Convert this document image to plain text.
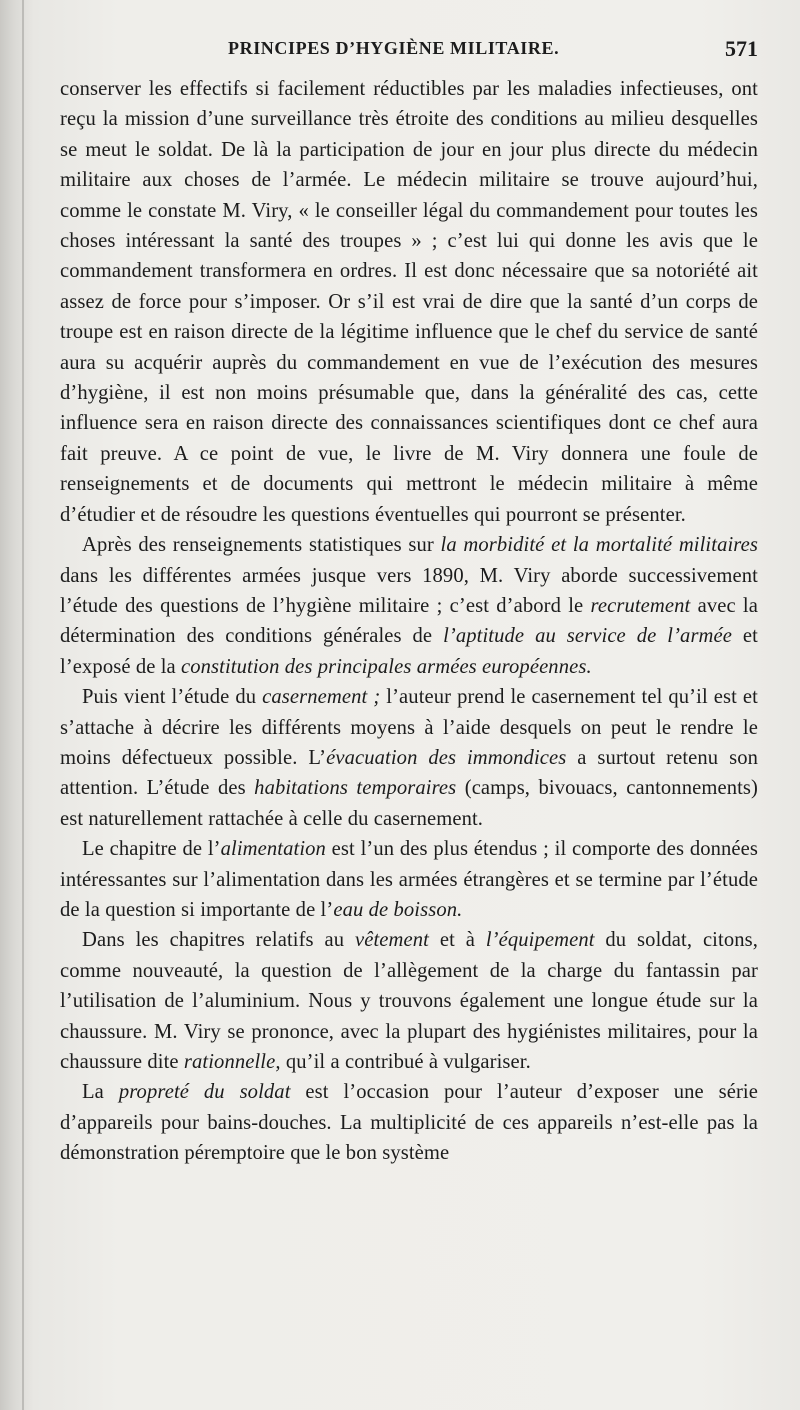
PRINCIPES D’HYGIÈNE MILITAIRE.	571

conserver les effectifs si facilement réductibles par les maladies infectieuses, ont reçu la mission d’une surveillance très étroite des conditions au milieu desquelles se meut le soldat. De là la participation de jour en jour plus directe du médecin militaire aux choses de l’armée. Le médecin militaire se trouve aujourd’hui, comme le constate M. Viry, « le conseiller légal du commandement pour toutes les choses intéressant la santé des troupes » ; c’est lui qui donne les avis que le commandement transformera en ordres. Il est donc nécessaire que sa notoriété ait assez de force pour s’imposer. Or s’il est vrai de dire que la santé d’un corps de troupe est en raison directe de la légitime influence que le chef du service de santé aura su acquérir auprès du commandement en vue de l’exécution des mesures d’hygiène, il est non moins présumable que, dans la généralité des cas, cette influence sera en raison directe des connaissances scientifiques dont ce chef aura fait preuve. A ce point de vue, le livre de M. Viry donnera une foule de renseignements et de documents qui mettront le médecin militaire à même d’étudier et de résoudre les questions éventuelles qui pourront se présenter.

Après des renseignements statistiques sur la morbidité et la mortalité militaires dans les différentes armées jusque vers 1890, M. Viry aborde successivement l’étude des questions de l’hygiène militaire ; c’est d’abord le recrutement avec la détermination des conditions générales de l’aptitude au service de l’armée et l’exposé de la constitution des principales armées européennes.

Puis vient l’étude du casernement ; l’auteur prend le casernement tel qu’il est et s’attache à décrire les différents moyens à l’aide desquels on peut le rendre le moins défectueux possible. L’évacuation des immondices a surtout retenu son attention. L’étude des habitations temporaires (camps, bivouacs, cantonnements) est naturellement rattachée à celle du casernement.

Le chapitre de l’alimentation est l’un des plus étendus ; il comporte des données intéressantes sur l’alimentation dans les armées étrangères et se termine par l’étude de la question si importante de l’eau de boisson.

Dans les chapitres relatifs au vêtement et à l’équipement du soldat, citons, comme nouveauté, la question de l’allègement de la charge du fantassin par l’utilisation de l’aluminium. Nous y trouvons également une longue étude sur la chaussure. M. Viry se prononce, avec la plupart des hygiénistes militaires, pour la chaussure dite rationnelle, qu’il a contribué à vulgariser.

La propreté du soldat est l’occasion pour l’auteur d’exposer une série d’appareils pour bains-douches. La multiplicité de ces appareils n’est-elle pas la démonstration péremptoire que le bon système
